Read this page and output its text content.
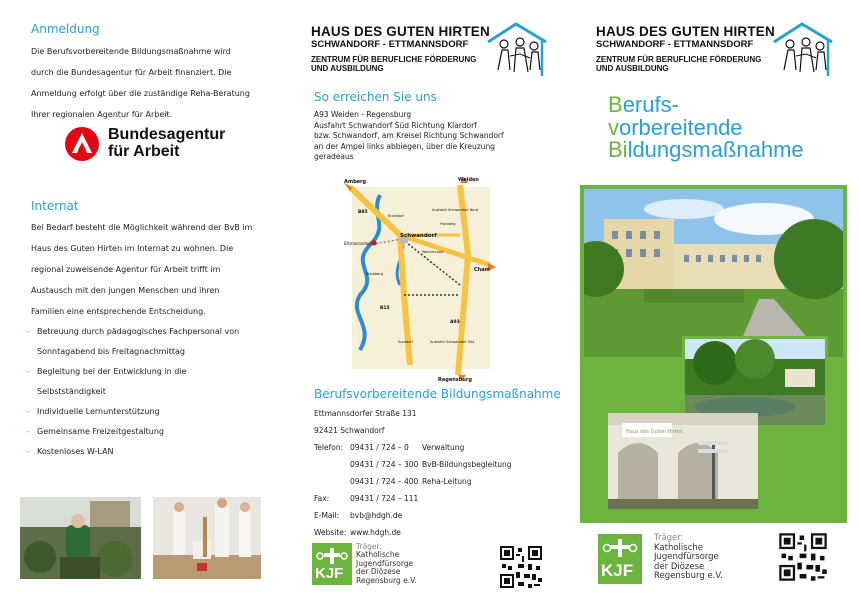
Anmeldung
Die Berufsvorbereitende Bildungsmaßnahme wird
durch die Bundesagentur für Arbeit finanziert. Die
Anmeldung erfolgt über die zuständige Reha-Beratung
Ihrer regionalen Agentur für Arbeit.
Bundesagentur
für Arbeit
Internat
Bei Bedarf besteht die Möglichkeit während der BvB im
Haus des Guten Hirten im Internat zu wohnen. Die
regional zuweisende Agentur für Arbeit trifft im
Austausch mit den jungen Menschen und ihren
Familien eine entsprechende Entscheidung.
- Betreuung durch pädagogisches Fachpersonal von
Sonntagabend bis Freitagnachmittag
- Begleitung bei der Entwicklung in die
Selbstständigkeit
- Individuelle Lernunterstützung
- Gemeinsame Freizeitgestaltung
- Kostenloses W-LAN
HAUS DES GUTEN HIRTEN
SCHWANDORF - ETTMANNSDORF
ZENTRUM FÜR BERUFLICHE FÖRDERUNG
UND AUSBILDUNG
So erreichen Sie uns
A93 Weiden - Regensburg
Ausfahrt Schwandorf Süd Richtung Klardorf
bzw. Schwandorf, am Kreisel Richtung Schwandorf
an der Ampel links abbiegen, über die Kreuzung
geradeaus
Amberg	Weiden
Cham
Regensburg
Schwandorf
Ettmannsdorf
B85
B15
A93
Kronstorf
Fronberg
Wackersdorf
Ausfahrt Schwandorf Nord
Ausfahrt Schwandorf Süd
Krondorf
Steinberg
Berufsvorbereitende Bildungsmaßnahme
Ettmannsdorfer Straße 131
92421 Schwandorf
Telefon: 09431 / 724 – 0	Verwaltung
09431 / 724 – 300 BvB-Bildungsbegleitung
09431 / 724 – 400 Reha-Leitung
Fax:	09431 / 724 – 111
E-Mail:	bvb@hdgh.de
Website: www.hdgh.de
KJF
Träger:
Katholische
Jugendfürsorge
der Diözese
Regensburg e.V.
HAUS DES GUTEN HIRTEN
SCHWANDORF - ETTMANNSDORF
ZENTRUM FÜR BERUFLICHE FÖRDERUNG
UND AUSBILDUNG
Berufs-
vorbereitende
Bildungsmaßnahme
Haus des Guten Hirten
KJF
Träger:
Katholische
Jugendfürsorge
der Diözese
Regensburg e.V.
